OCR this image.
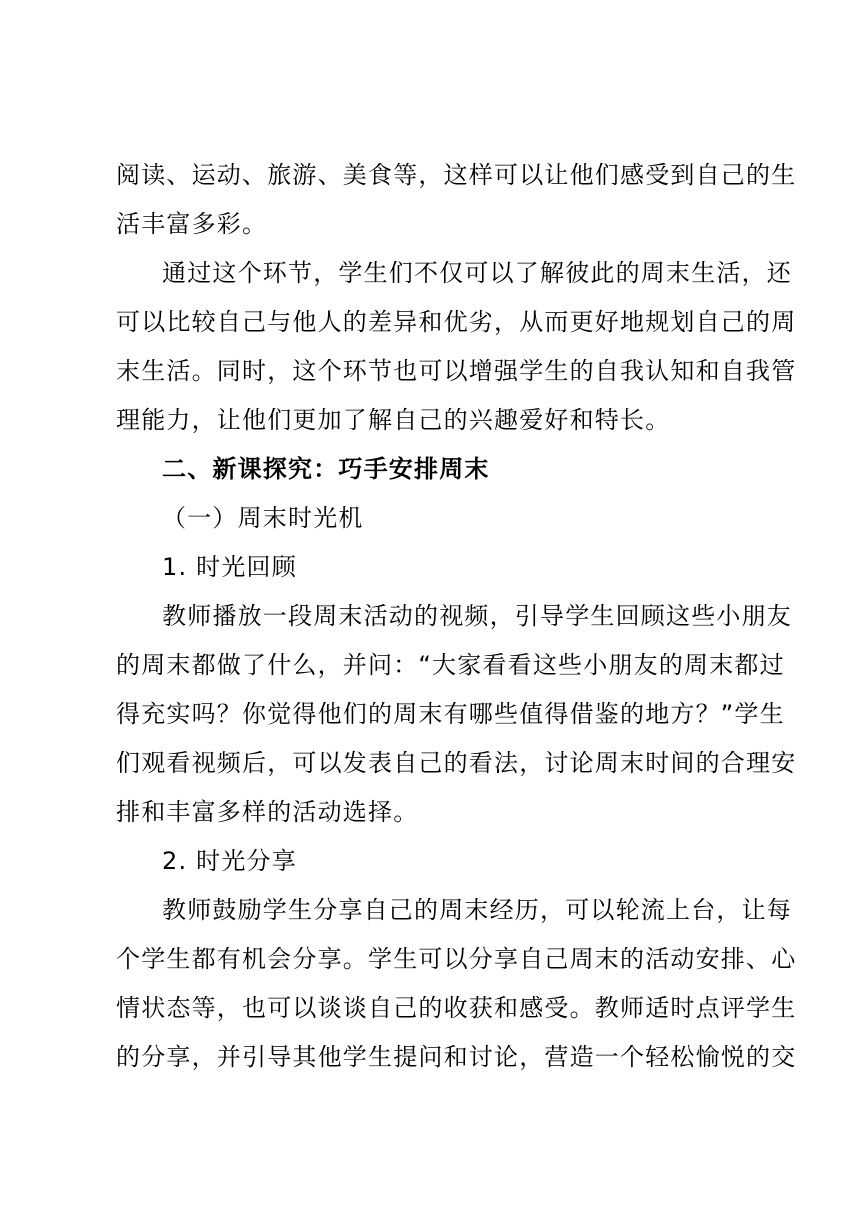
阅读、运动、旅游、美食等，这样可以让他们感受到自己的生
活丰富多彩。
通过这个环节，学生们不仅可以了解彼此的周末生活，还
可以比较自己与他人的差异和优劣，从而更好地规划自己的周
末生活。同时，这个环节也可以增强学生的自我认知和自我管
理能力，让他们更加了解自己的兴趣爱好和特长。
二、新课探究：巧手安排周末
（一）周末时光机
1. 时光回顾
教师播放一段周末活动的视频，引导学生回顾这些小朋友
的周末都做了什么，并问：“大家看看这些小朋友的周末都过
得充实吗？你觉得他们的周末有哪些值得借鉴的地方？”学生
们观看视频后，可以发表自己的看法，讨论周末时间的合理安
排和丰富多样的活动选择。
2. 时光分享
教师鼓励学生分享自己的周末经历，可以轮流上台，让每
个学生都有机会分享。学生可以分享自己周末的活动安排、心
情状态等，也可以谈谈自己的收获和感受。教师适时点评学生
的分享，并引导其他学生提问和讨论，营造一个轻松愉悦的交
